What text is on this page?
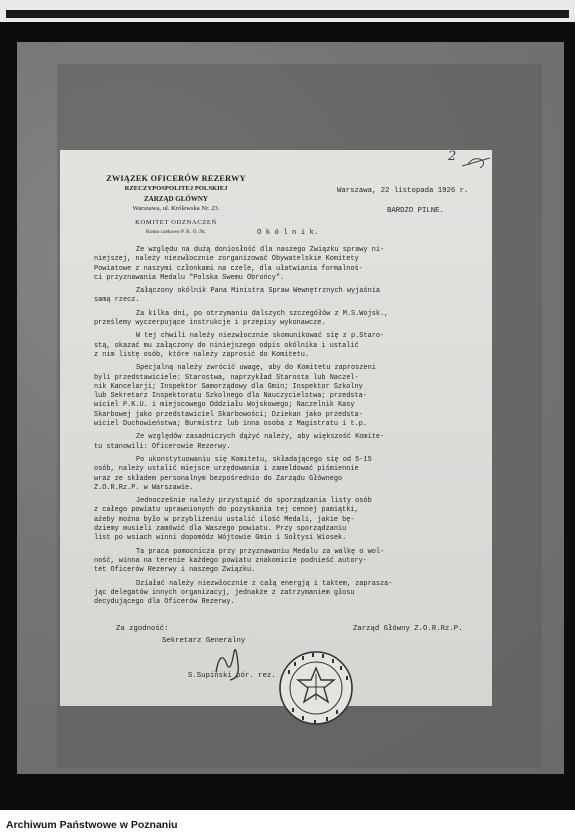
ZWIĄZEK OFICERÓW REZERWY
RZECZYPOSPOLITEJ POLSKIEJ
ZARZĄD GŁÓWNY
Warszawa, ul. Królewska Nr. 23.
KOMITET ODZNACZEŃ
Konto czekowe P. K. O. Nr.
2
Warszawa, 22 listopada 1926 r.
BARDZO PILNE.
O k ó l n i k.
Ze względu na dużą doniosłość dla naszego Związku sprawy ni-
niejszej, należy niezwłocznie zorganizować Obywatelskie Komitety
Powiatowe z naszymi członkami na czele, dla ułatwiania formalnoś-
ci przyznawania Medalu "Polska Swemu Obrońcy".
Załączony okólnik Pana Ministra Spraw Wewnętrznych wyjaśnia
samą rzecz.
Za kilka dni, po otrzymaniu dalszych szczegółów z M.S.Wojsk.,
prześlemy wyczerpujące instrukcje i przepisy wykonawcze.
W tej chwili należy niezwłocznie skomunikować się z p.Staro-
stą, okazać mu załączony do niniejszego odpis okólnika i ustalić
z nim listę osób, które należy zaprosić do Komitetu.
Specjalną należy zwrócić uwagę, aby do Komitetu zaproszeni
byli przedstawiciele: Starostwa, naprzykład Starosta lub Naczel-
nik Kancelarji; Inspektor Samorządowy dla Gmin; Inspektor Szkolny
lub Sekretarz Inspektoratu Szkolnego dla Nauczycielstwa; przedsta-
wiciel P.K.U. i miejscowego Oddziału Wojskowego; Naczelnik Kasy
Skarbowej jako przedstawiciel Skarbowości; Dziekan jako przedsta-
wiciel Duchowieństwa; Burmistrz lub inna osoba z Magistratu i t.p.
Ze względów zasadniczych dążyć należy, aby większość Komite-
tu stanowili: Oficerowie Rezerwy.
Po ukonstytuowaniu się Komitetu, składającego się od 5-15
osób, należy ustalić miejsce urzędowania i zameldować piśmiennie
wraz ze składem personalnym bezpośrednio do Zarządu Głównego
Z.O.R.Rz.P. w Warszawie.
Jednocześnie należy przystąpić do sporządzania listy osób
z całego powiatu uprawnionych do pozyskania tej cennej pamiątki,
ażeby można było w przybliżeniu ustalić ilość Medali, jakie bę-
dziemy musieli zamówić dla Waszego powiatu. Przy sporządzaniu
list po wsiach winni dopomódz Wójtowie Gmin i Sołtysi Wiosek.
Ta praca pomocnicza przy przyznawaniu Medalu za walkę o wol-
ność, winna na terenie każdego powiatu znakomicie podnieść autory-
tet Oficerów Rezerwy i naszego Związku.
Działać należy niezwłocznie z całą energją i taktem, zapraszа-
jąc delegatów innych organizacyj, jednakże z zatrzymaniem głosu
decydującego dla Oficerów Rezerwy.
Za zgodność:	Zarząd Główny Z.O.R.Rz.P.
Sekretarz Generalny
S.Supiński pór. rez.
Archiwum Państwowe w Poznaniu
